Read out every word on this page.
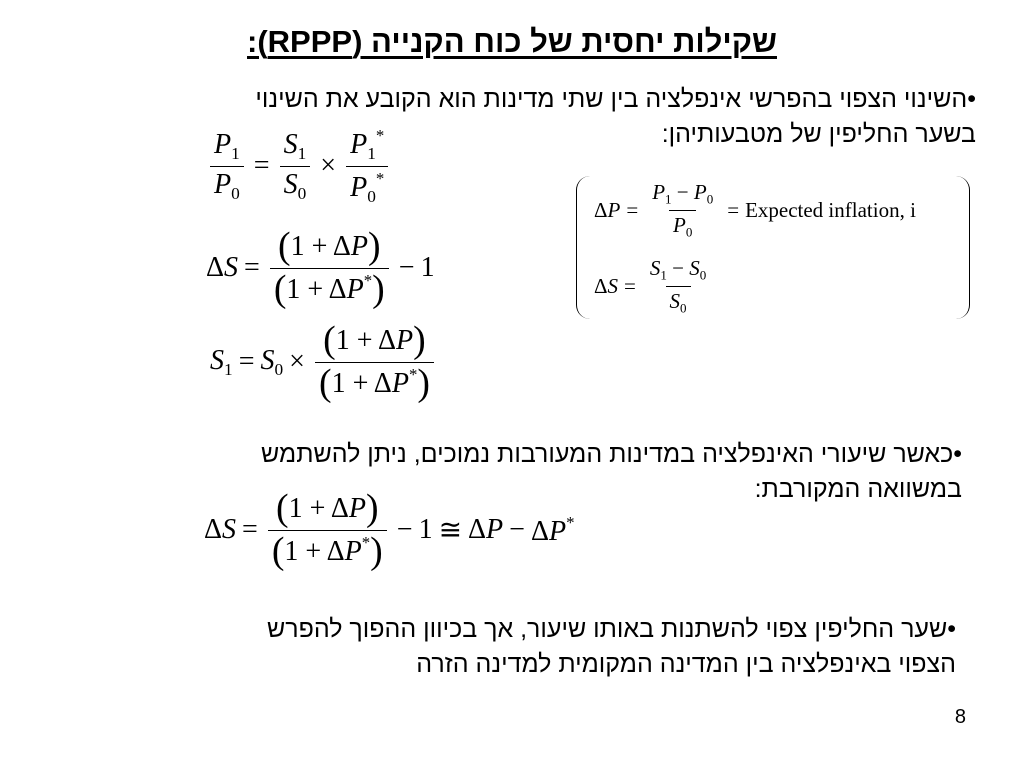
שקילות יחסית של כוח הקנייה (RPPP):
•השינוי הצפוי בהפרשי אינפלציה בין שתי מדינות הוא הקובע את השינוי
בשער החליפין של מטבעותיהן:
$\frac{P_1}{P_0} = \frac{S_1}{S_0} \times \frac{P_1^*}{P_0^*}$
$\Delta S = \frac{(1 + \Delta P)}{(1 + \Delta P^*)} - 1$
$S_1 = S_0 \times \frac{(1 + \Delta P)}{(1 + \Delta P^*)}$
$\Delta P = \frac{P_1 - P_0}{P_0}$ = Expected inflation, i
$\Delta S = \frac{S_1 - S_0}{S_0}$
•כאשר שיעורי האינפלציה במדינות המעורבות נמוכים, ניתן להשתמש
במשוואה המקורבת:
$\Delta S = \frac{(1 + \Delta P)}{(1 + \Delta P^*)} - 1$ ≅ ΔP − ΔP*
•שער החליפין צפוי להשתנות באותו שיעור, אך בכיוון ההפוך להפרש
הצפוי באינפלציה בין המדינה המקומית למדינה הזרה
8
